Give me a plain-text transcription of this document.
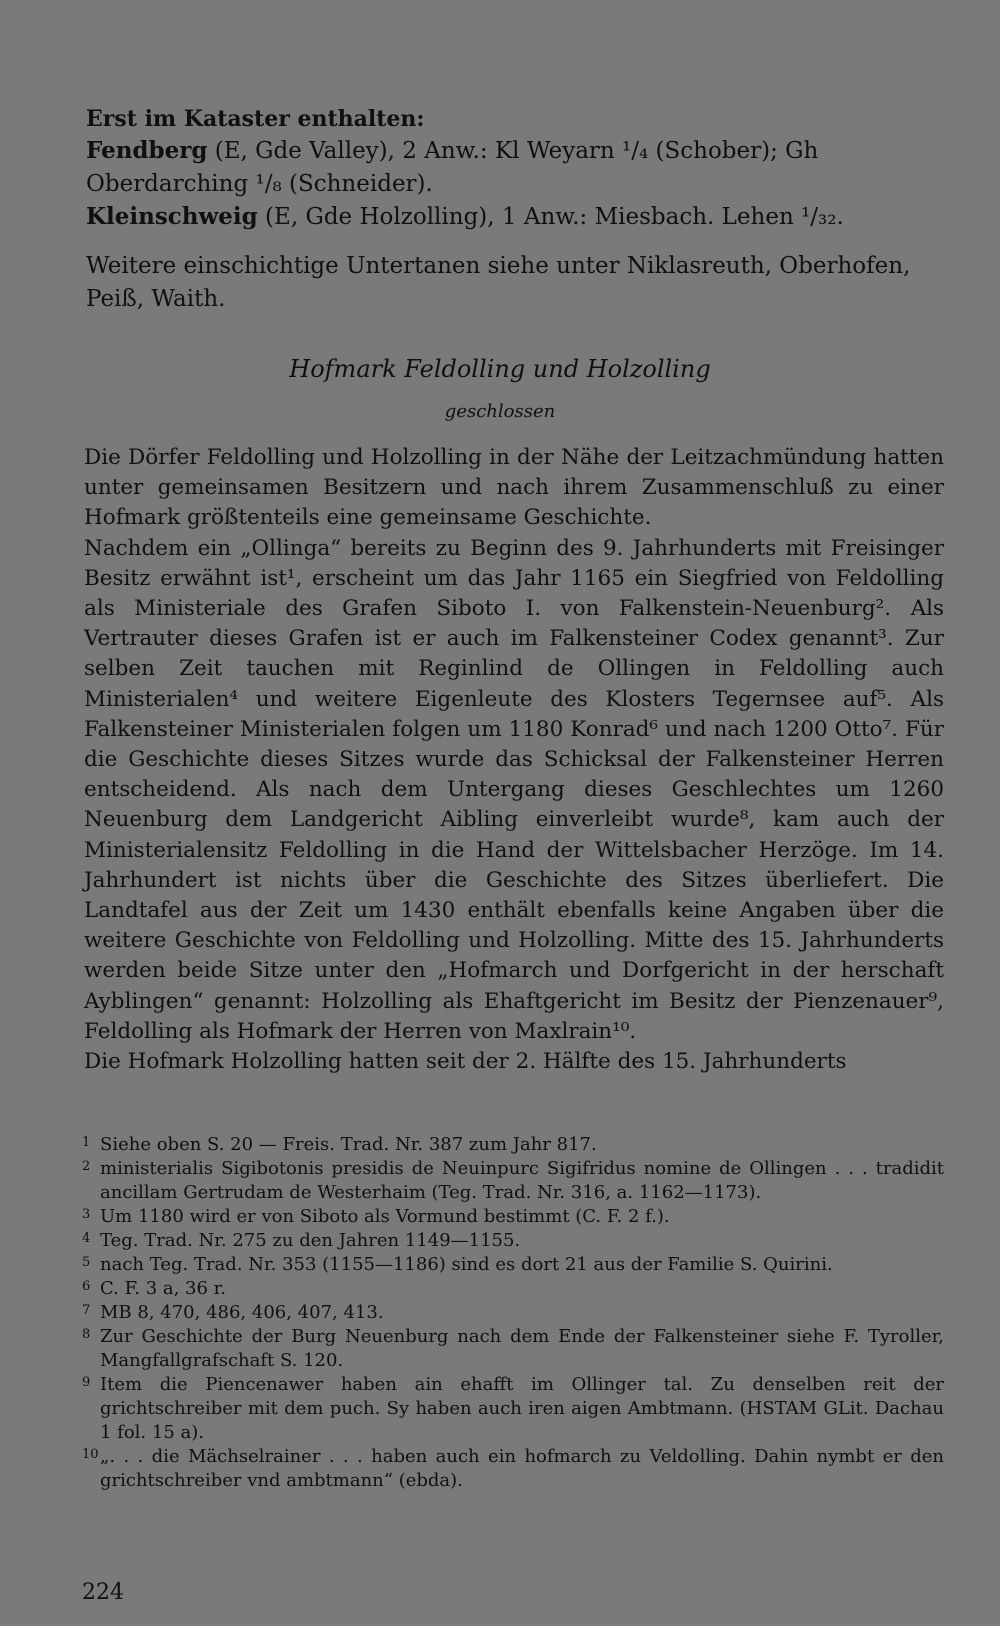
Erst im Kataster enthalten:

Fendberg (E, Gde Valley), 2 Anw.: Kl Weyarn ¹/₄ (Schober); Gh Oberdarching ¹/₈ (Schneider).
Kleinschweig (E, Gde Holzolling), 1 Anw.: Miesbach. Lehen ¹/₃₂.

Weitere einschichtige Untertanen siehe unter Niklasreuth, Oberhofen, Peiß, Waith.

Hofmark Feldolling und Holzolling

geschlossen

Die Dörfer Feldolling und Holzolling in der Nähe der Leitzachmündung hatten unter gemeinsamen Besitzern und nach ihrem Zusammenschluß zu einer Hofmark größtenteils eine gemeinsame Geschichte.

Nachdem ein „Ollinga“ bereits zu Beginn des 9. Jahrhunderts mit Freisinger Besitz erwähnt ist¹, erscheint um das Jahr 1165 ein Siegfried von Feldolling als Ministeriale des Grafen Siboto I. von Falkenstein-Neuenburg². Als Vertrauter dieses Grafen ist er auch im Falkensteiner Codex genannt³. Zur selben Zeit tauchen mit Reginlind de Ollingen in Feldolling auch Ministerialen⁴ und weitere Eigenleute des Klosters Tegernsee auf⁵. Als Falkensteiner Ministerialen folgen um 1180 Konrad⁶ und nach 1200 Otto⁷. Für die Geschichte dieses Sitzes wurde das Schicksal der Falkensteiner Herren entscheidend. Als nach dem Untergang dieses Geschlechtes um 1260 Neuenburg dem Landgericht Aibling einverleibt wurde⁸, kam auch der Ministerialensitz Feldolling in die Hand der Wittelsbacher Herzöge. Im 14. Jahrhundert ist nichts über die Geschichte des Sitzes überliefert. Die Landtafel aus der Zeit um 1430 enthält ebenfalls keine Angaben über die weitere Geschichte von Feldolling und Holzolling. Mitte des 15. Jahrhunderts werden beide Sitze unter den „Hofmarch und Dorfgericht in der herschaft Ayblingen“ genannt: Holzolling als Ehaftgericht im Besitz der Pienzenauer⁹, Feldolling als Hofmark der Herren von Maxlrain¹⁰.

Die Hofmark Holzolling hatten seit der 2. Hälfte des 15. Jahrhunderts

1 Siehe oben S. 20 — Freis. Trad. Nr. 387 zum Jahr 817.
2 ministerialis Sigibotonis presidis de Neuinpurc Sigifridus nomine de Ollingen . . . tradidit ancillam Gertrudam de Westerhaim (Teg. Trad. Nr. 316, a. 1162—1173).
3 Um 1180 wird er von Siboto als Vormund bestimmt (C. F. 2 f.).
4 Teg. Trad. Nr. 275 zu den Jahren 1149—1155.
5 nach Teg. Trad. Nr. 353 (1155—1186) sind es dort 21 aus der Familie S. Quirini.
6 C. F. 3 a, 36 r.
7 MB 8, 470, 486, 406, 407, 413.
8 Zur Geschichte der Burg Neuenburg nach dem Ende der Falkensteiner siehe F. Tyroller, Mangfallgrafschaft S. 120.
9 Item die Piencenawer haben ain ehafft im Ollinger tal. Zu denselben reit der grichtschreiber mit dem puch. Sy haben auch iren aigen Ambtmann. (HSTAM GLit. Dachau 1 fol. 15 a).
10 „. . . die Mächselrainer . . . haben auch ein hofmarch zu Veldolling. Dahin nymbt er den grichtschreiber vnd ambtmann“ (ebda).

224
